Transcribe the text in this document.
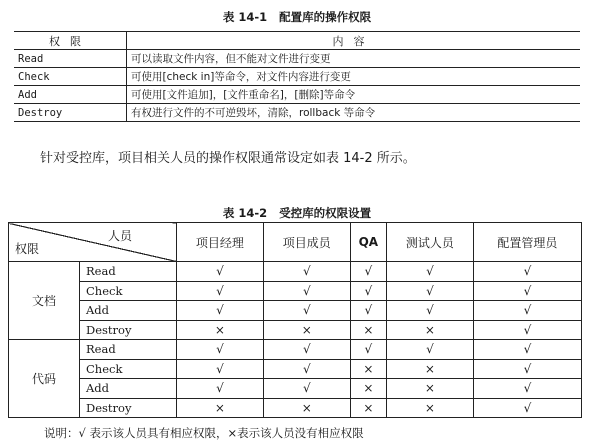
表 14-1 配置库的操作权限
权限	内容
Read	可以读取文件内容，但不能对文件进行变更
Check	可使用[check in]等命令，对文件内容进行变更
Add	可使用[文件追加]，[文件重命名]，[删除]等命令
Destroy	有权进行文件的不可逆毁坏，清除，rollback 等命令
针对受控库，项目相关人员的操作权限通常设定如表 14-2 所示。
表 14-2 受控库的权限设置
人员
权限		项目经理	项目成员	QA	测试人员	配置管理员
文档	Read	√	√	√	√	√
	Check	√	√	√	√	√
	Add	√	√	√	√	√
	Destroy	×	×	×	×	√
代码	Read	√	√	√	√	√
	Check	√	√	×	×	√
	Add	√	√	×	×	√
	Destroy	×	×	×	×	√
说明：√ 表示该人员具有相应权限，×表示该人员没有相应权限
